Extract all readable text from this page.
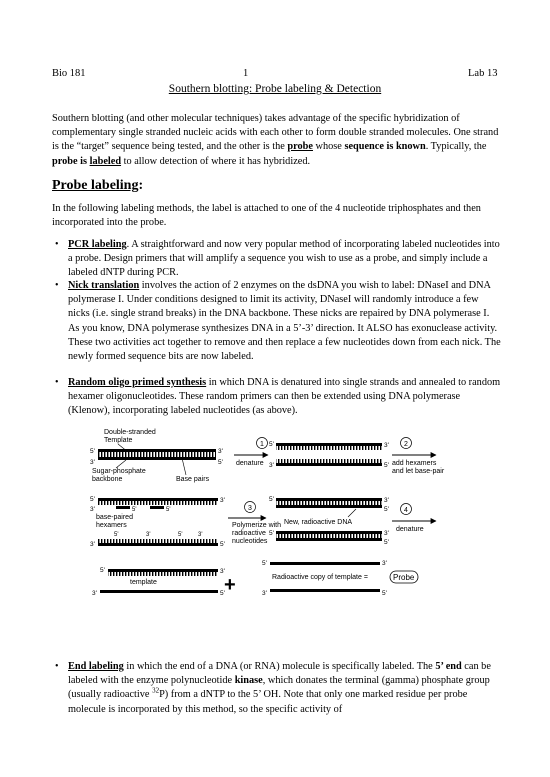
Bio 181	1	Lab 13
Southern blotting: Probe labeling & Detection

Southern blotting (and other molecular techniques) takes advantage of the specific hybridization of complementary single stranded nucleic acids with each other to form double stranded molecules. One strand is the “target” sequence being tested, and the other is the probe whose sequence is known. Typically, the probe is labeled to allow detection of where it has hybridized.

Probe labeling:

In the following labeling methods, the label is attached to one of the 4 nucleotide triphosphates and then incorporated into the probe.

• PCR labeling. A straightforward and now very popular method of incorporating labeled nucleotides into a probe. Design primers that will amplify a sequence you wish to use as a probe, and simply include a labeled dNTP during PCR.

• Nick translation involves the action of 2 enzymes on the dsDNA you wish to label: DNaseI and DNA polymerase I. Under conditions designed to limit its activity, DNaseI will randomly introduce a few nicks (i.e. single strand breaks) in the DNA backbone. These nicks are repaired by DNA polymerase I. As you know, DNA polymerase synthesizes DNA in a 5’-3’ direction. It ALSO has exonuclease activity. These two activities act together to remove and then replace a few nucleotides down from each nick. The newly formed sequence bits are now labeled.

• Random oligo primed synthesis in which DNA is denatured into single strands and annealed to random hexamer oligonucleotides. These random primers can then be extended using DNA polymerase (Klenow), incorporating labeled nucleotides (as above).

Double-stranded
Template
5'	3'
3'	5'
Sugar-phosphate
backbone	Base pairs
1
denature
5'	3'
3'	5'
2
add hexamers
and let base-pair
5'	3'
3'	5'	5'
base-paired
hexamers
5'	3'	5'	3'
3'	5'
3
Polymerize with
radioactive
nucleotides
5'	3'
5'
New, radioactive DNA
5'	3'
5'
4
denature
5'	3'
template
3'	5' +
5'	3'
Radioactive copy of template =	Probe
3'	5'
• End labeling in which the end of a DNA (or RNA) molecule is specifically labeled. The 5’ end can be labeled with the enzyme polynucleotide kinase, which donates the terminal (gamma) phosphate group (usually radioactive $^{32}$P) from a dNTP to the 5’ OH. Note that only one marked residue per probe molecule is incorporated by this method, so the specific activity of
